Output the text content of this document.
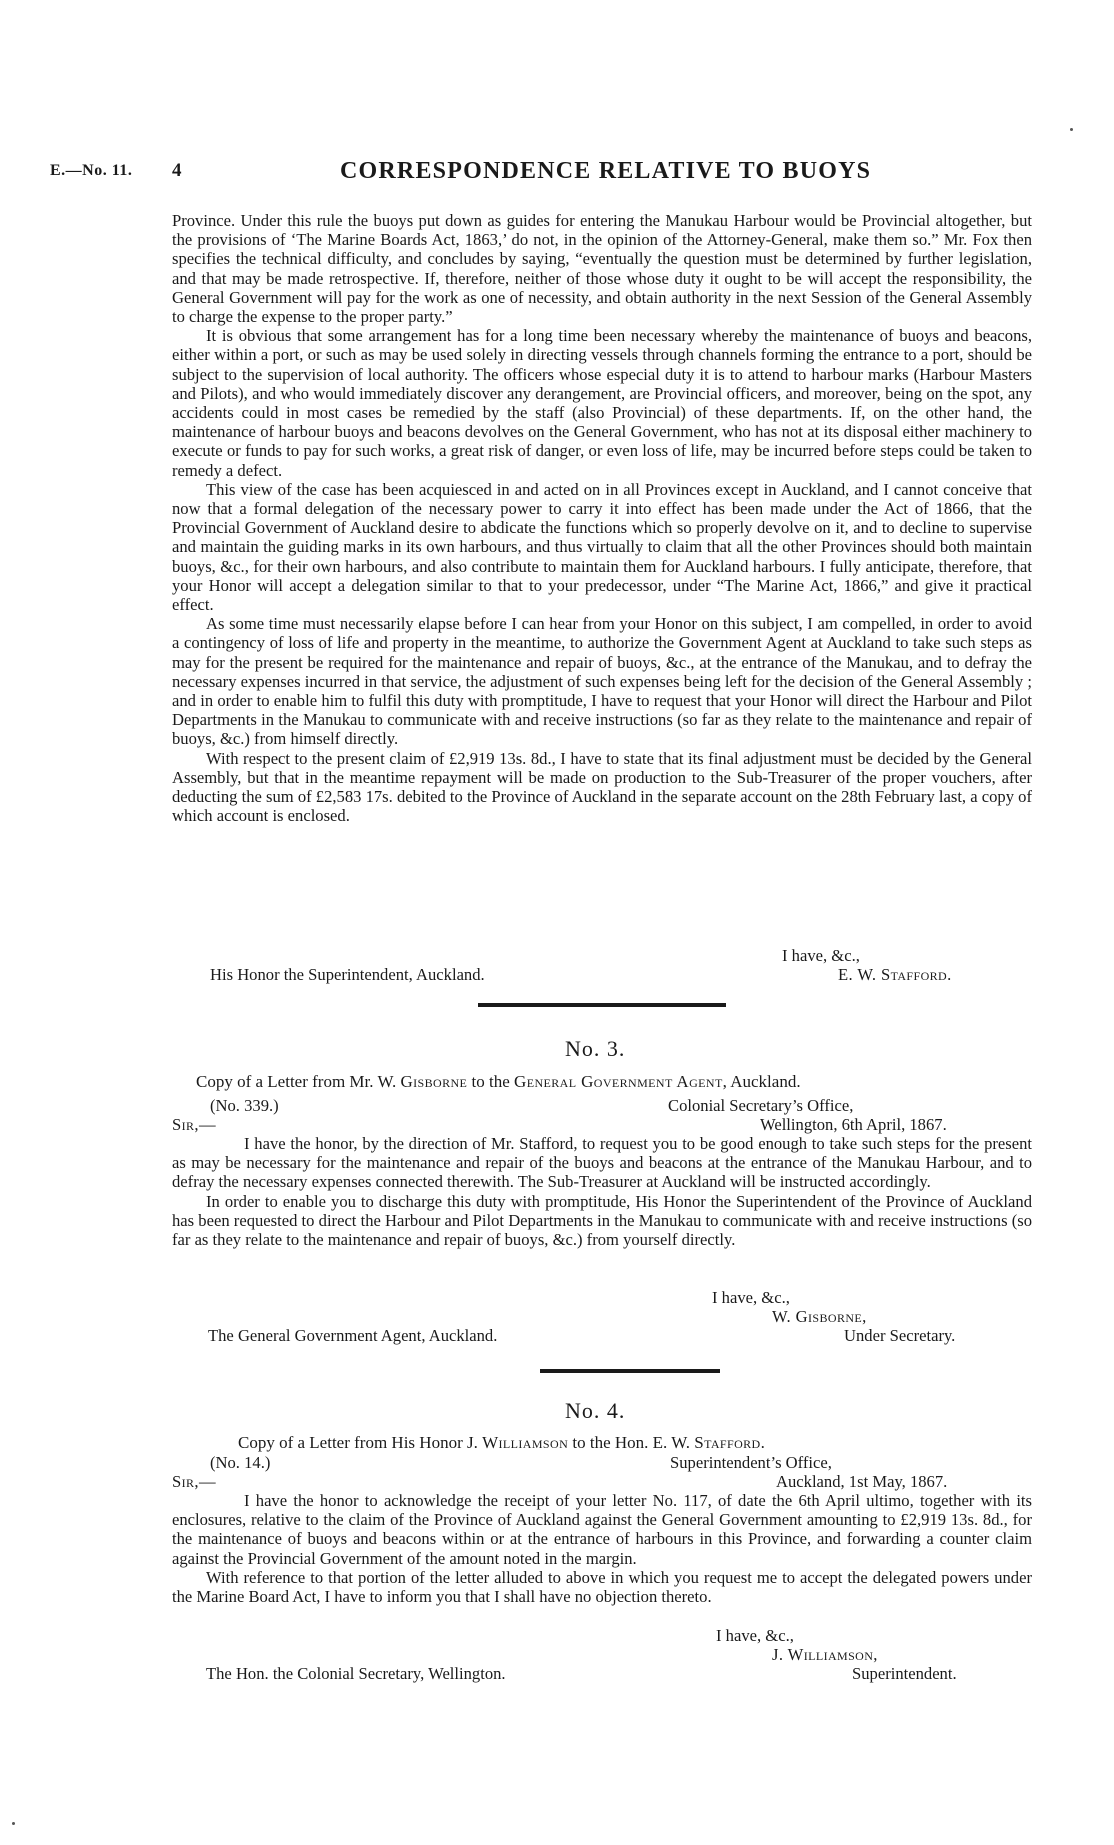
E.—No. 11. 4	CORRESPONDENCE RELATIVE TO BUOYS

Province. Under this rule the buoys put down as guides for entering the Manukau Harbour would be Provincial altogether, but the provisions of ‘The Marine Boards Act, 1863,’ do not, in the opinion of the Attorney-General, make them so.” Mr. Fox then specifies the technical difficulty, and concludes by saying, “eventually the question must be determined by further legislation, and that may be made retrospective. If, therefore, neither of those whose duty it ought to be will accept the responsibility, the General Government will pay for the work as one of necessity, and obtain authority in the next Session of the General Assembly to charge the expense to the proper party.”

It is obvious that some arrangement has for a long time been necessary whereby the maintenance of buoys and beacons, either within a port, or such as may be used solely in directing vessels through channels forming the entrance to a port, should be subject to the supervision of local authority. The officers whose especial duty it is to attend to harbour marks (Harbour Masters and Pilots), and who would immediately discover any derangement, are Provincial officers, and moreover, being on the spot, any accidents could in most cases be remedied by the staff (also Provincial) of these departments. If, on the other hand, the maintenance of harbour buoys and beacons devolves on the General Government, who has not at its disposal either machinery to execute or funds to pay for such works, a great risk of danger, or even loss of life, may be incurred before steps could be taken to remedy a defect.

This view of the case has been acquiesced in and acted on in all Provinces except in Auckland, and I cannot conceive that now that a formal delegation of the necessary power to carry it into effect has been made under the Act of 1866, that the Provincial Government of Auckland desire to abdicate the functions which so properly devolve on it, and to decline to supervise and maintain the guiding marks in its own harbours, and thus virtually to claim that all the other Provinces should both maintain buoys, &c., for their own harbours, and also contribute to maintain them for Auckland harbours. I fully anticipate, therefore, that your Honor will accept a delegation similar to that to your predecessor, under “The Marine Act, 1866,” and give it practical effect.

As some time must necessarily elapse before I can hear from your Honor on this subject, I am compelled, in order to avoid a contingency of loss of life and property in the meantime, to authorize the Government Agent at Auckland to take such steps as may for the present be required for the maintenance and repair of buoys, &c., at the entrance of the Manukau, and to defray the necessary expenses incurred in that service, the adjustment of such expenses being left for the decision of the General Assembly ; and in order to enable him to fulfil this duty with promptitude, I have to request that your Honor will direct the Harbour and Pilot Departments in the Manukau to communicate with and receive instructions (so far as they relate to the maintenance and repair of buoys, &c.) from himself directly.

With respect to the present claim of £2,919 13s. 8d., I have to state that its final adjustment must be decided by the General Assembly, but that in the meantime repayment will be made on production to the Sub-Treasurer of the proper vouchers, after deducting the sum of £2,583 17s. debited to the Province of Auckland in the separate account on the 28th February last, a copy of which account is enclosed.

I have, &c.,
His Honor the Superintendent, Auckland.	E. W. Stafford.
No. 3.
Copy of a Letter from Mr. W. Gisborne to the General Government Agent, Auckland.
(No. 339.)	Colonial Secretary’s Office,
Sir,—	Wellington, 6th April, 1867.

I have the honor, by the direction of Mr. Stafford, to request you to be good enough to take such steps for the present as may be necessary for the maintenance and repair of the buoys and beacons at the entrance of the Manukau Harbour, and to defray the necessary expenses connected therewith. The Sub-Treasurer at Auckland will be instructed accordingly.

In order to enable you to discharge this duty with promptitude, His Honor the Superintendent of the Province of Auckland has been requested to direct the Harbour and Pilot Departments in the Manukau to communicate with and receive instructions (so far as they relate to the maintenance and repair of buoys, &c.) from yourself directly.

I have, &c.,
W. Gisborne,
The General Government Agent, Auckland.	Under Secretary.
No. 4.
Copy of a Letter from His Honor J. Williamson to the Hon. E. W. Stafford.
(No. 14.)	Superintendent’s Office,
Sir,—	Auckland, 1st May, 1867.

I have the honor to acknowledge the receipt of your letter No. 117, of date the 6th April ultimo, together with its enclosures, relative to the claim of the Province of Auckland against the General Government amounting to £2,919 13s. 8d., for the maintenance of buoys and beacons within or at the entrance of harbours in this Province, and forwarding a counter claim against the Provincial Government of the amount noted in the margin.

With reference to that portion of the letter alluded to above in which you request me to accept the delegated powers under the Marine Board Act, I have to inform you that I shall have no objection thereto.

I have, &c.,
J. Williamson,
The Hon. the Colonial Secretary, Wellington.	Superintendent.
